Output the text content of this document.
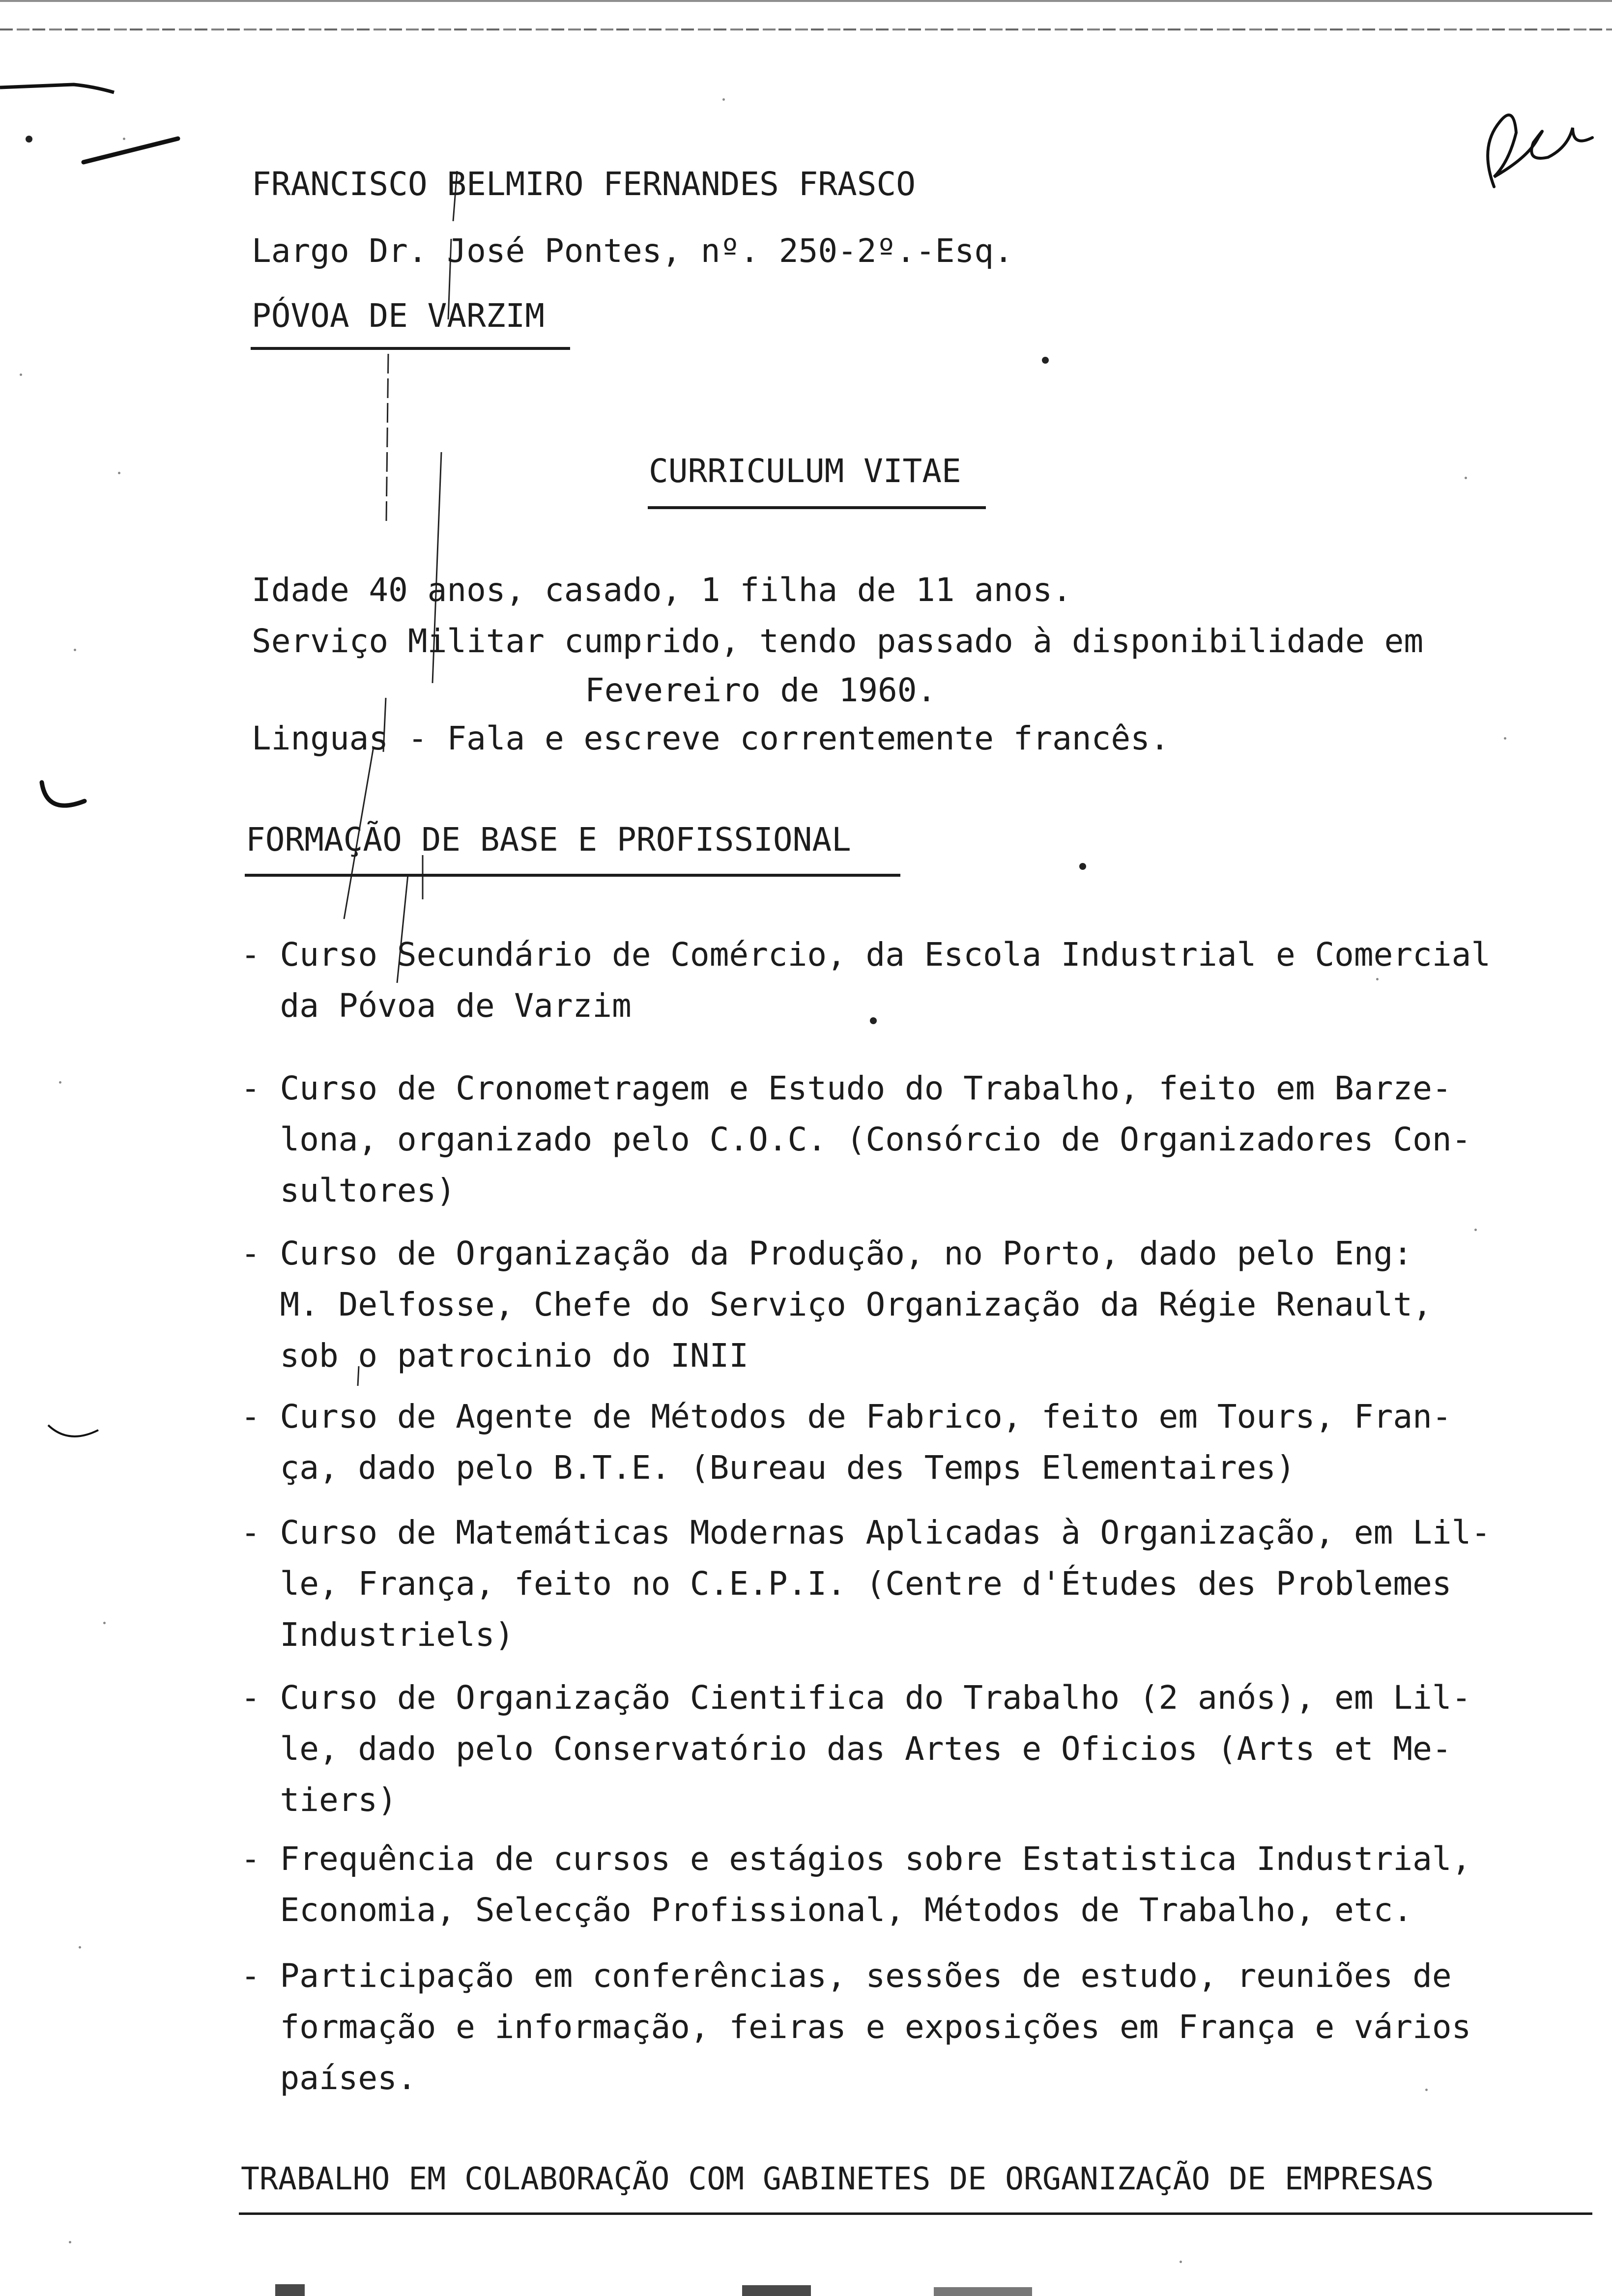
FRANCISCO BELMIRO FERNANDES FRASCO
Largo Dr. José Pontes, nº. 250-2º.-Esq.
PÓVOA DE VARZIM
CURRICULUM VITAE
Idade 40 anos, casado, 1 filha de 11 anos.
Serviço Militar cumprido, tendo passado à disponibilidade em
Fevereiro de 1960.
Linguas - Fala e escreve correntemente francês.
FORMAÇÃO DE BASE E PROFISSIONAL
- Curso Secundário de Comércio, da Escola Industrial e Comercial
da Póvoa de Varzim
- Curso de Cronometragem e Estudo do Trabalho, feito em Barze-
lona, organizado pelo C.O.C. (Consórcio de Organizadores Con-
sultores)
- Curso de Organização da Produção, no Porto, dado pelo Eng:
M. Delfosse, Chefe do Serviço Organização da Régie Renault,
sob o patrocinio do INII
- Curso de Agente de Métodos de Fabrico, feito em Tours, Fran-
ça, dado pelo B.T.E. (Bureau des Temps Elementaires)
- Curso de Matemáticas Modernas Aplicadas à Organização, em Lil-
le, França, feito no C.E.P.I. (Centre d'Études des Problemes
Industriels)
- Curso de Organização Cientifica do Trabalho (2 anós), em Lil-
le, dado pelo Conservatório das Artes e Oficios (Arts et Me-
tiers)
- Frequência de cursos e estágios sobre Estatistica Industrial,
Economia, Selecção Profissional, Métodos de Trabalho, etc.
- Participação em conferências, sessões de estudo, reuniões de
formação e informação, feiras e exposições em França e vários
países.
TRABALHO EM COLABORAÇÃO COM GABINETES DE ORGANIZAÇÃO DE EMPRESAS
